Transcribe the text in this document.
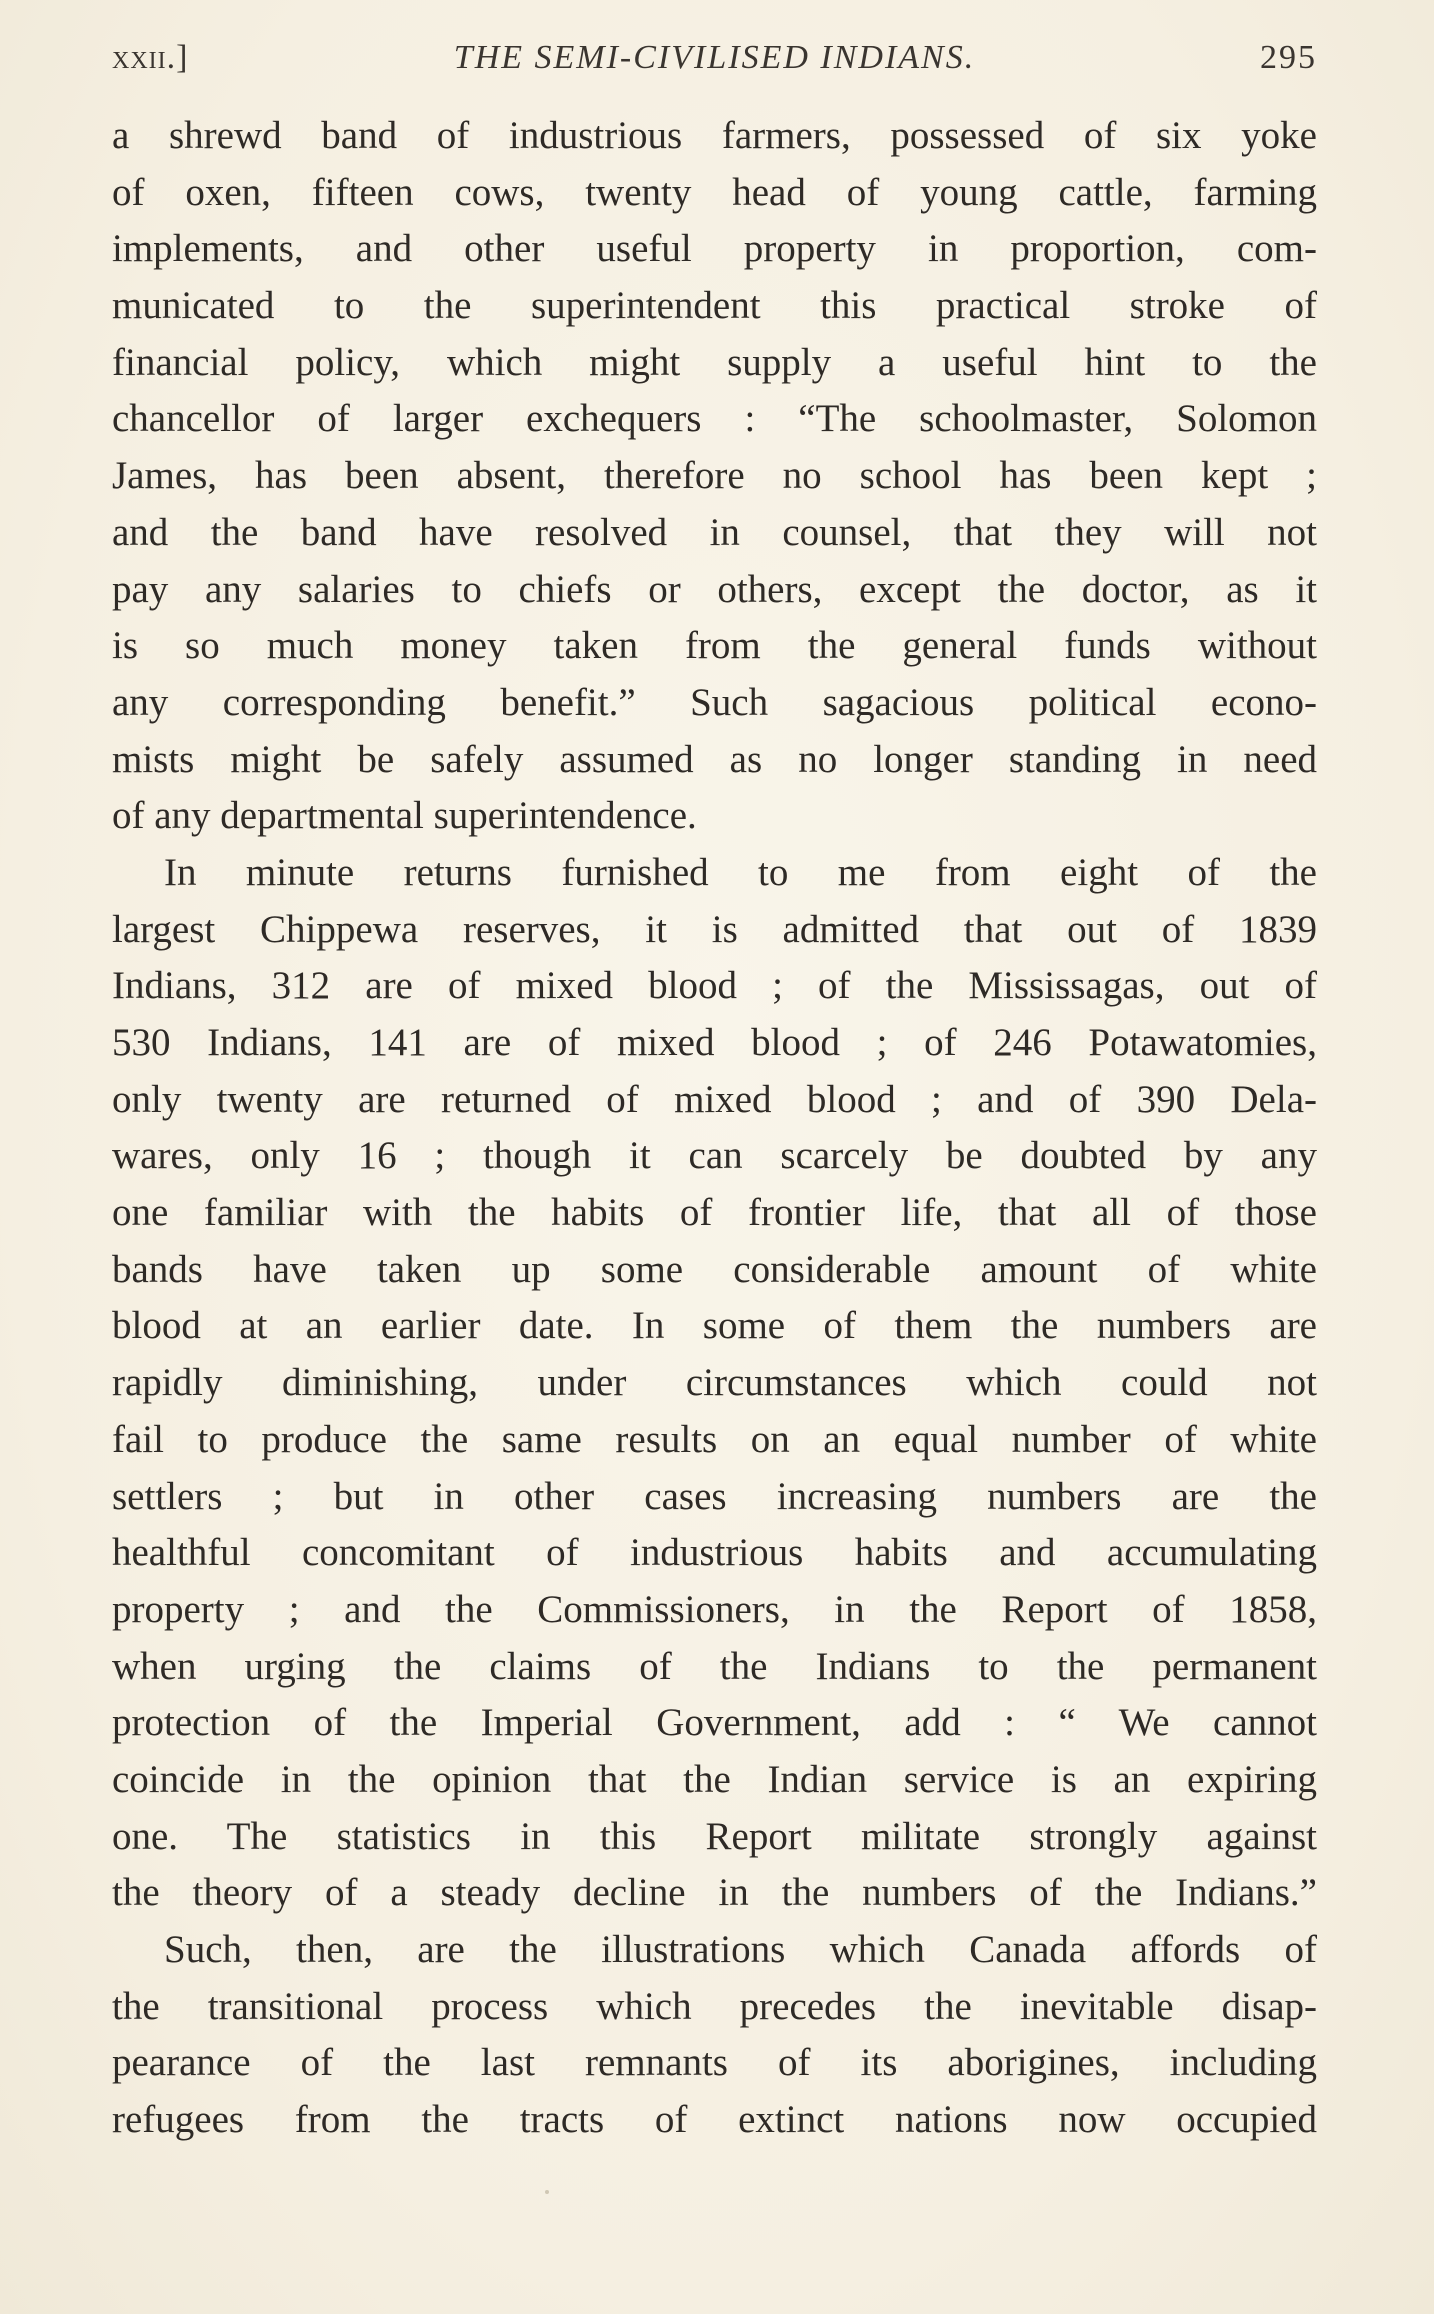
xxii.]	THE SEMI-CIVILISED INDIANS.	295
a shrewd band of industrious farmers, possessed of six yoke
of oxen, fifteen cows, twenty head of young cattle, farming
implements, and other useful property in proportion, com-
municated to the superintendent this practical stroke of
financial policy, which might supply a useful hint to the
chancellor of larger exchequers : “The schoolmaster, Solomon
James, has been absent, therefore no school has been kept ;
and the band have resolved in counsel, that they will not
pay any salaries to chiefs or others, except the doctor, as it
is so much money taken from the general funds without
any corresponding benefit.” Such sagacious political econo-
mists might be safely assumed as no longer standing in need
of any departmental superintendence.
In minute returns furnished to me from eight of the
largest Chippewa reserves, it is admitted that out of 1839
Indians, 312 are of mixed blood ; of the Mississagas, out of
530 Indians, 141 are of mixed blood ; of 246 Potawatomies,
only twenty are returned of mixed blood ; and of 390 Dela-
wares, only 16 ; though it can scarcely be doubted by any
one familiar with the habits of frontier life, that all of those
bands have taken up some considerable amount of white
blood at an earlier date. In some of them the numbers are
rapidly diminishing, under circumstances which could not
fail to produce the same results on an equal number of white
settlers ; but in other cases increasing numbers are the
healthful concomitant of industrious habits and accumulating
property ; and the Commissioners, in the Report of 1858,
when urging the claims of the Indians to the permanent
protection of the Imperial Government, add : “ We cannot
coincide in the opinion that the Indian service is an expiring
one. The statistics in this Report militate strongly against
the theory of a steady decline in the numbers of the Indians.”
Such, then, are the illustrations which Canada affords of
the transitional process which precedes the inevitable disap-
pearance of the last remnants of its aborigines, including
refugees from the tracts of extinct nations now occupied
